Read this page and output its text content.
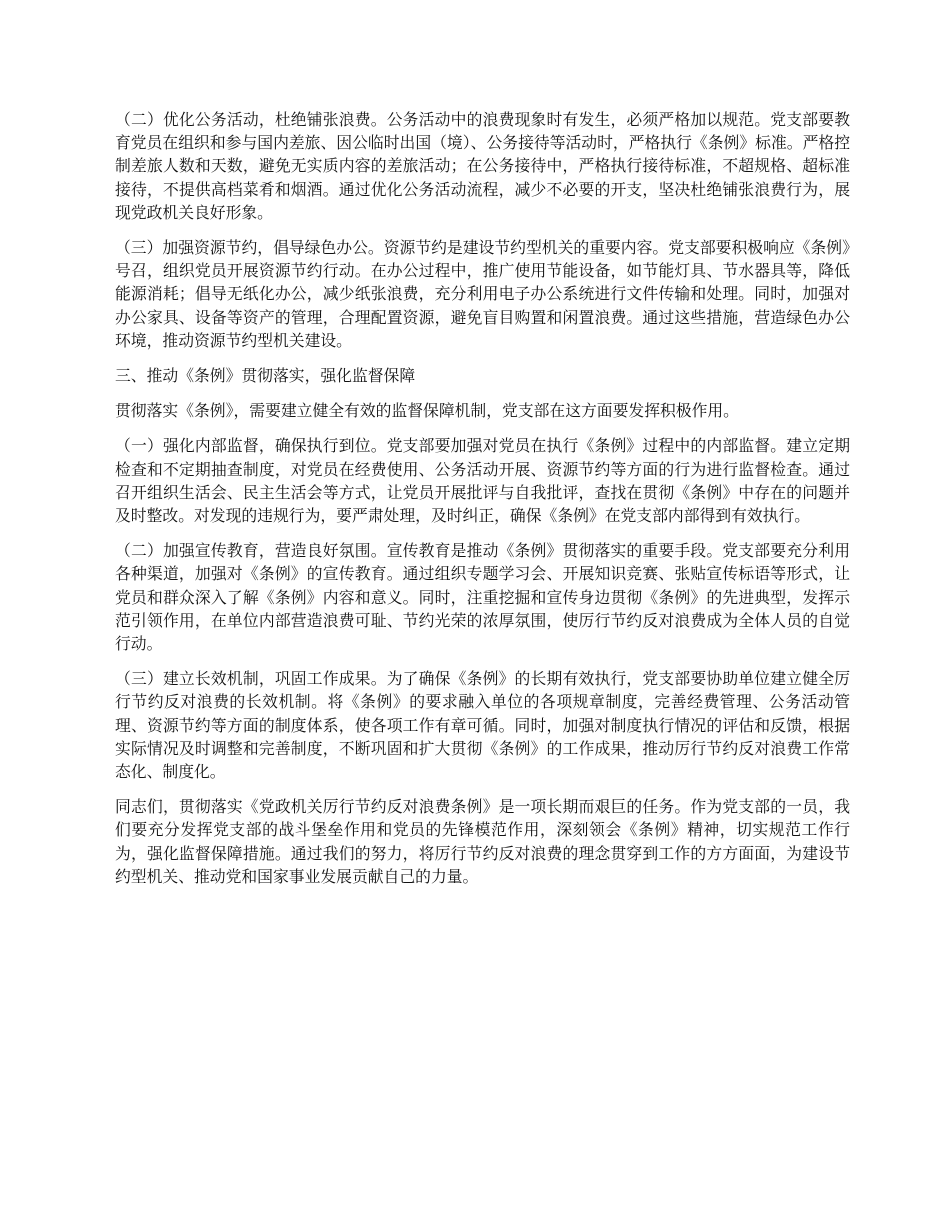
（二）优化公务活动，杜绝铺张浪费。公务活动中的浪费现象时有发生，必须严格加以规范。党支部要教育党员在组织和参与国内差旅、因公临时出国（境）、公务接待等活动时，严格执行《条例》标准。严格控制差旅人数和天数，避免无实质内容的差旅活动；在公务接待中，严格执行接待标准，不超规格、超标准接待，不提供高档菜肴和烟酒。通过优化公务活动流程，减少不必要的开支，坚决杜绝铺张浪费行为，展现党政机关良好形象。

（三）加强资源节约，倡导绿色办公。资源节约是建设节约型机关的重要内容。党支部要积极响应《条例》号召，组织党员开展资源节约行动。在办公过程中，推广使用节能设备，如节能灯具、节水器具等，降低能源消耗；倡导无纸化办公，减少纸张浪费，充分利用电子办公系统进行文件传输和处理。同时，加强对办公家具、设备等资产的管理，合理配置资源，避免盲目购置和闲置浪费。通过这些措施，营造绿色办公环境，推动资源节约型机关建设。

三、推动《条例》贯彻落实，强化监督保障

贯彻落实《条例》，需要建立健全有效的监督保障机制，党支部在这方面要发挥积极作用。

（一）强化内部监督，确保执行到位。党支部要加强对党员在执行《条例》过程中的内部监督。建立定期检查和不定期抽查制度，对党员在经费使用、公务活动开展、资源节约等方面的行为进行监督检查。通过召开组织生活会、民主生活会等方式，让党员开展批评与自我批评，查找在贯彻《条例》中存在的问题并及时整改。对发现的违规行为，要严肃处理，及时纠正，确保《条例》在党支部内部得到有效执行。

（二）加强宣传教育，营造良好氛围。宣传教育是推动《条例》贯彻落实的重要手段。党支部要充分利用各种渠道，加强对《条例》的宣传教育。通过组织专题学习会、开展知识竞赛、张贴宣传标语等形式，让党员和群众深入了解《条例》内容和意义。同时，注重挖掘和宣传身边贯彻《条例》的先进典型，发挥示范引领作用，在单位内部营造浪费可耻、节约光荣的浓厚氛围，使厉行节约反对浪费成为全体人员的自觉行动。

（三）建立长效机制，巩固工作成果。为了确保《条例》的长期有效执行，党支部要协助单位建立健全厉行节约反对浪费的长效机制。将《条例》的要求融入单位的各项规章制度，完善经费管理、公务活动管理、资源节约等方面的制度体系，使各项工作有章可循。同时，加强对制度执行情况的评估和反馈，根据实际情况及时调整和完善制度，不断巩固和扩大贯彻《条例》的工作成果，推动厉行节约反对浪费工作常态化、制度化。

同志们，贯彻落实《党政机关厉行节约反对浪费条例》是一项长期而艰巨的任务。作为党支部的一员，我们要充分发挥党支部的战斗堡垒作用和党员的先锋模范作用，深刻领会《条例》精神，切实规范工作行为，强化监督保障措施。通过我们的努力，将厉行节约反对浪费的理念贯穿到工作的方方面面，为建设节约型机关、推动党和国家事业发展贡献自己的力量。
